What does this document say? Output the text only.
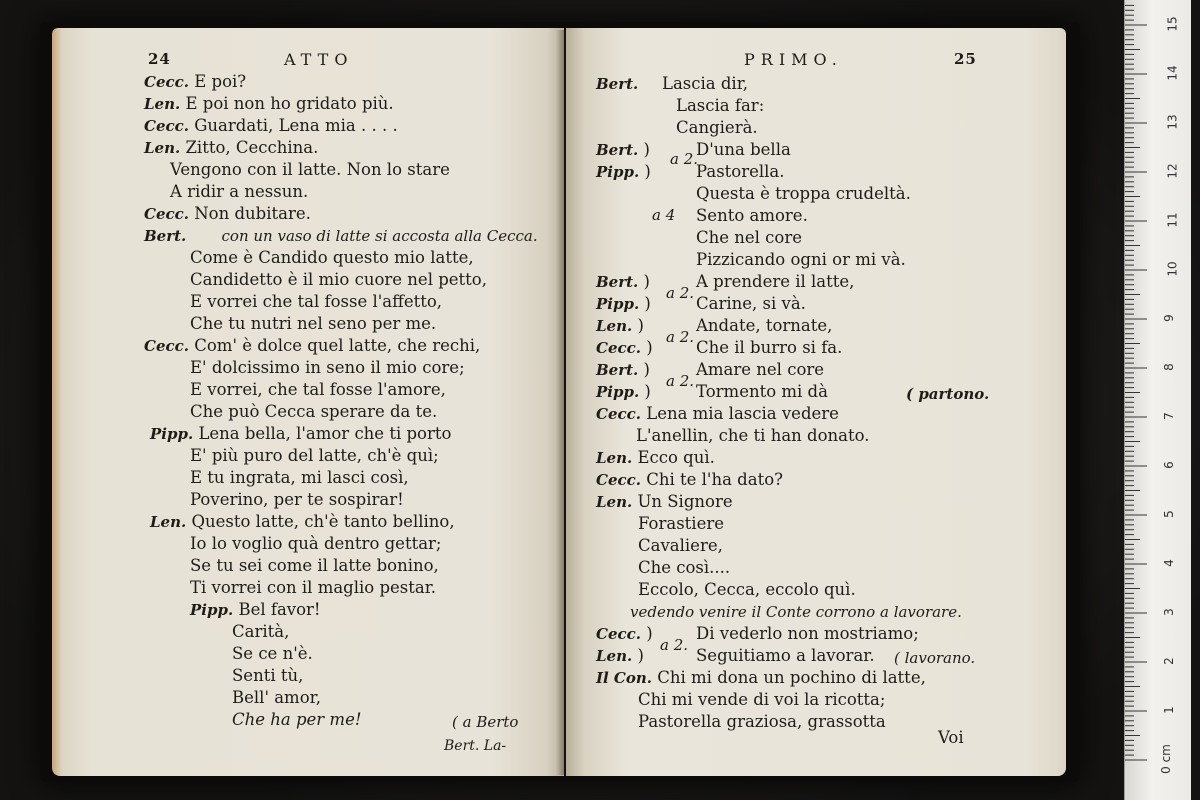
24	ATTO
Cecc. E poi?
Len. E poi non ho gridato più.
Cecc. Guardati, Lena mia . . . .
Len. Zitto, Cecchina.
Vengono con il latte. Non lo stare
A ridir a nessun.
Cecc. Non dubitare.
Bert. con un vaso di latte si accosta alla Cecca.
Come è Candido questo mio latte,
Candidetto è il mio cuore nel petto,
E vorrei che tal fosse l'affetto,
Che tu nutri nel seno per me.
Cecc. Com' è dolce quel latte, che rechi,
E' dolcissimo in seno il mio core;
E vorrei, che tal fosse l'amore,
Che può Cecca sperare da te.
Pipp. Lena bella, l'amor che ti porto
E' più puro del latte, ch'è quì;
E tu ingrata, mi lasci così,
Poverino, per te sospirar!
Len. Questo latte, ch'è tanto bellino,
Io lo voglio quà dentro gettar;
Se tu sei come il latte bonino,
Ti vorrei con il maglio pestar.
Pipp. Bel favor!
Carità,
Se ce n'è.
Senti tù,
Bell' amor,
Che ha per me!	( a Berto
Bert. La-
PRIMO.	25
Bert. Lascia dir,
Lascia far:
Cangierà.
Bert. )	D'una bella
Pipp. )	Pastorella.
a 2.
Questa è troppa crudeltà.
a 4 Sento amore.
Che nel core
Pizzicando ogni or mi và.
Bert. )	A prendere il latte,
Pipp. )	Carine, si và.
a 2.
Len. )	Andate, tornate,
Cecc. )	Che il burro si fa.
a 2.
Bert. )	Amare nel core
Pipp. )	Tormento mi dà
a 2.
( partono.
Cecc. Lena mia lascia vedere
L'anellin, che ti han donato.
Len. Ecco quì.
Cecc. Chi te l'ha dato?
Len. Un Signore
Forastiere
Cavaliere,
Che così....
Eccolo, Cecca, eccolo quì.
vedendo venire il Conte corrono a lavorare.
Cecc. )	Di vederlo non mostriamo;
Len. )	Seguitiamo a lavorar.
a 2.
( lavorano.
Il Con. Chi mi dona un pochino di latte,
Chi mi vende di voi la ricotta;
Pastorella graziosa, grassotta
Voi
0 cm
1
2
3
4
5
6
7
8
9
10
11
12
13
14
15
